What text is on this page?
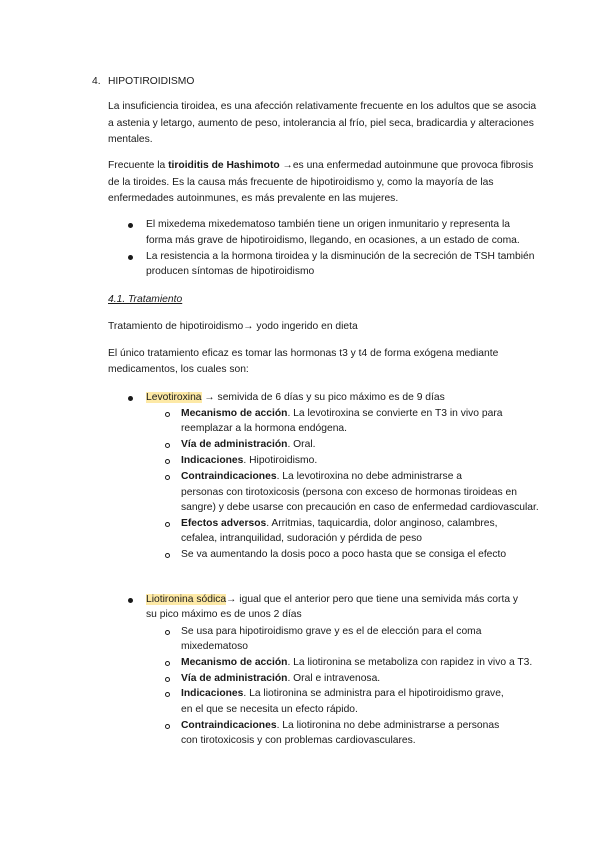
4. HIPOTIROIDISMO
La insuficiencia tiroidea, es una afección relativamente frecuente en los adultos que se asocia
a astenia y letargo, aumento de peso, intolerancia al frío, piel seca, bradicardia y alteraciones
mentales.
Frecuente la tiroiditis de Hashimoto →es una enfermedad autoinmune que provoca fibrosis
de la tiroides. Es la causa más frecuente de hipotiroidismo y, como la mayoría de las
enfermedades autoinmunes, es más prevalente en las mujeres.
El mixedema mixedematoso también tiene un origen inmunitario y representa la
forma más grave de hipotiroidismo, llegando, en ocasiones, a un estado de coma.
La resistencia a la hormona tiroidea y la disminución de la secreción de TSH también
producen síntomas de hipotiroidismo
4.1. Tratamiento
Tratamiento de hipotiroidismo→ yodo ingerido en dieta
El único tratamiento eficaz es tomar las hormonas t3 y t4 de forma exógena mediante
medicamentos, los cuales son:
Levotiroxina → semivida de 6 días y su pico máximo es de 9 días
Mecanismo de acción. La levotiroxina se convierte en T3 in vivo para
reemplazar a la hormona endógena.
Vía de administración. Oral.
Indicaciones. Hipotiroidismo.
Contraindicaciones. La levotiroxina no debe administrarse a
personas con tirotoxicosis (persona con exceso de hormonas tiroideas en
sangre) y debe usarse con precaución en caso de enfermedad cardiovascular.
Efectos adversos. Arritmias, taquicardia, dolor anginoso, calambres,
cefalea, intranquilidad, sudoración y pérdida de peso
Se va aumentando la dosis poco a poco hasta que se consiga el efecto
Liotironina sódica→ igual que el anterior pero que tiene una semivida más corta y
su pico máximo es de unos 2 días
Se usa para hipotiroidismo grave y es el de elección para el coma
mixedematoso
Mecanismo de acción. La liotironina se metaboliza con rapidez in vivo a T3.
Vía de administración. Oral e intravenosa.
Indicaciones. La liotironina se administra para el hipotiroidismo grave,
en el que se necesita un efecto rápido.
Contraindicaciones. La liotironina no debe administrarse a personas
con tirotoxicosis y con problemas cardiovasculares.
